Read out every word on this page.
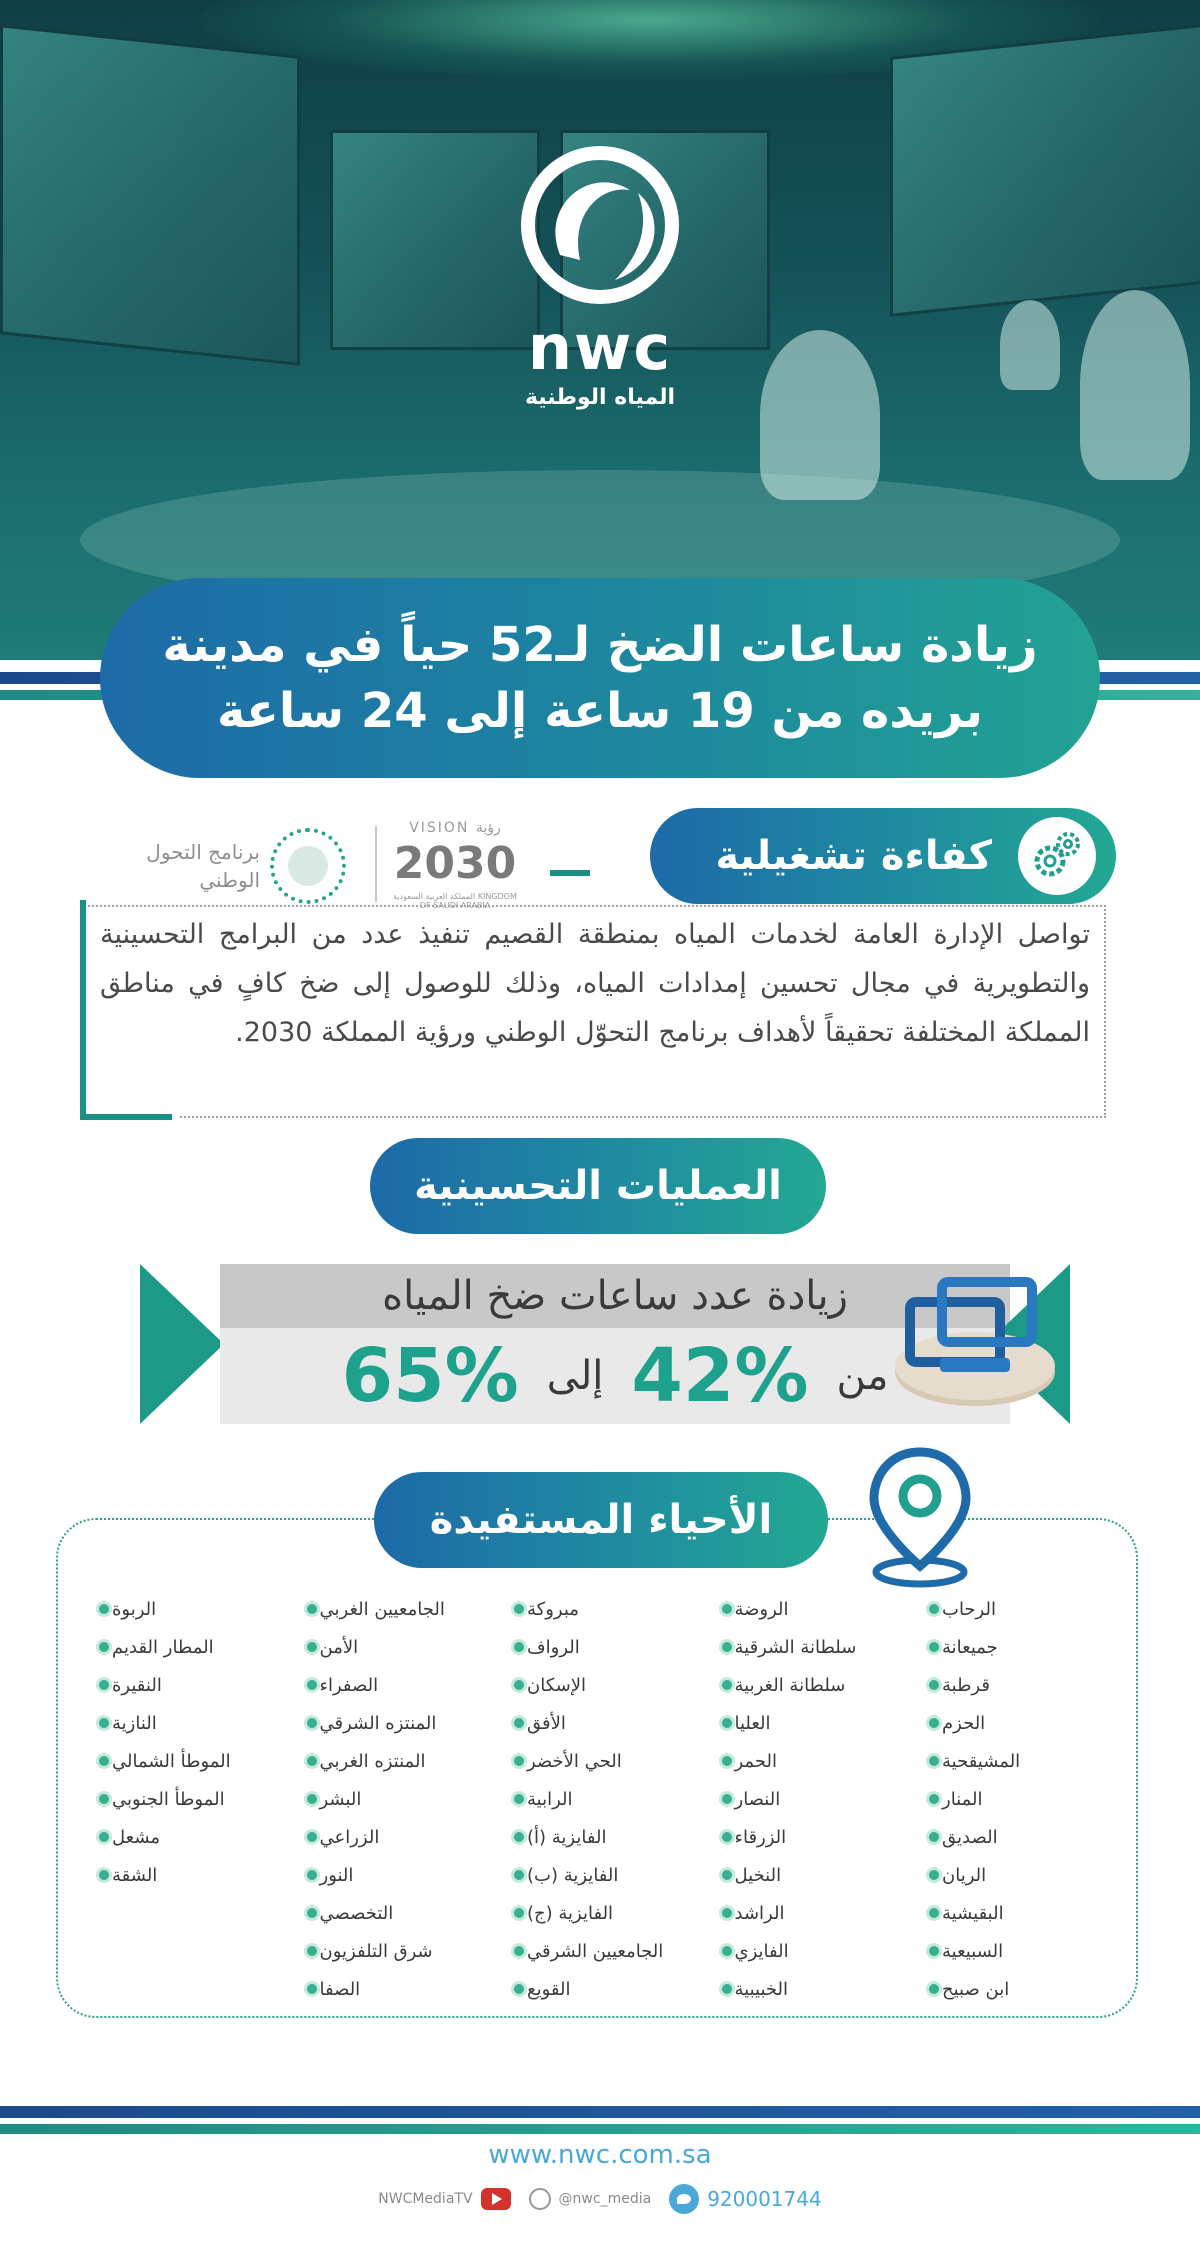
nwc
المياه الوطنية
زيادة ساعات الضخ لـ52 حياً في مدينة
بريده من 19 ساعة إلى 24 ساعة
برنامج التحول
الوطني
VISION رؤية
2030
المملكة العربية السعودية KINGDOM OF SAUDI ARABIA
كفاءة تشغيلية
تواصل الإدارة العامة لخدمات المياه بمنطقة القصيم تنفيذ عدد من البرامج التحسينية والتطويرية في مجال تحسين إمدادات المياه، وذلك للوصول إلى ضخ كافٍ في مناطق المملكة المختلفة تحقيقاً لأهداف برنامج التحوّل الوطني ورؤية المملكة 2030.
العمليات التحسينية
زيادة عدد ساعات ضخ المياه
من
42%
إلى
65%
الأحياء المستفيدة
الرحاب
جميعانة
قرطبة
الحزم
المشيقحية
المنار
الصديق
الريان
البقيشية
السبيعية
ابن صبيح
الروضة
سلطانة الشرقية
سلطانة الغربية
العليا
الحمر
النصار
الزرقاء
النخيل
الراشد
الفايزي
الخبيبية
مبروكة
الرواف
الإسكان
الأفق
الحي الأخضر
الرابية
الفايزية (أ)
الفايزية (ب)
الفايزية (ج)
الجامعيين الشرقي
القويع
الجامعيين الغربي
الأمن
الصفراء
المنتزه الشرقي
المنتزه الغربي
البشر
الزراعي
النور
التخصصي
شرق التلفزيون
الصفا
الربوة
المطار القديم
النقيرة
النازية
الموطأ الشمالي
الموطأ الجنوبي
مشعل
الشقة
www.nwc.com.sa
NWCMediaTV	@nwc_media	920001744
